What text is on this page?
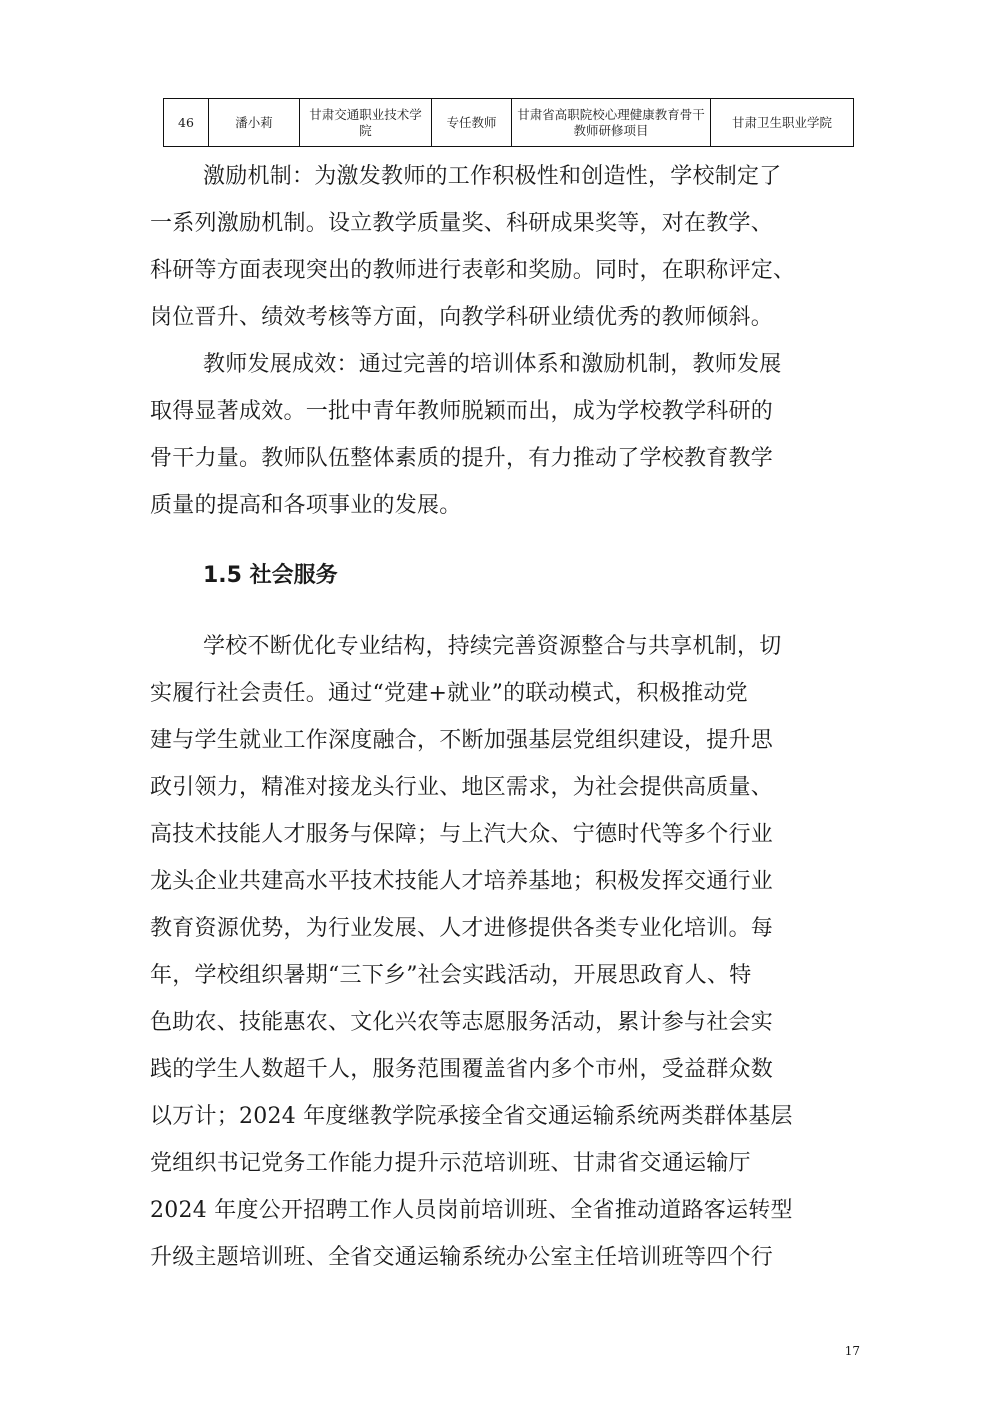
46	潘小莉	甘肃交通职业技术学院	专任教师	甘肃省高职院校心理健康教育骨干教师研修项目	甘肃卫生职业学院
激励机制：为激发教师的工作积极性和创造性，学校制定了
一系列激励机制。设立教学质量奖、科研成果奖等，对在教学、
科研等方面表现突出的教师进行表彰和奖励。同时，在职称评定、
岗位晋升、绩效考核等方面，向教学科研业绩优秀的教师倾斜。
教师发展成效：通过完善的培训体系和激励机制，教师发展
取得显著成效。一批中青年教师脱颖而出，成为学校教学科研的
骨干力量。教师队伍整体素质的提升，有力推动了学校教育教学
质量的提高和各项事业的发展。
1.5 社会服务
学校不断优化专业结构，持续完善资源整合与共享机制，切
实履行社会责任。通过“党建+就业”的联动模式，积极推动党
建与学生就业工作深度融合，不断加强基层党组织建设，提升思
政引领力，精准对接龙头行业、地区需求，为社会提供高质量、
高技术技能人才服务与保障；与上汽大众、宁德时代等多个行业
龙头企业共建高水平技术技能人才培养基地；积极发挥交通行业
教育资源优势，为行业发展、人才进修提供各类专业化培训。每
年，学校组织暑期“三下乡”社会实践活动，开展思政育人、特
色助农、技能惠农、文化兴农等志愿服务活动，累计参与社会实
践的学生人数超千人，服务范围覆盖省内多个市州，受益群众数
以万计；2024 年度继教学院承接全省交通运输系统两类群体基层
党组织书记党务工作能力提升示范培训班、甘肃省交通运输厅
2024 年度公开招聘工作人员岗前培训班、全省推动道路客运转型
升级主题培训班、全省交通运输系统办公室主任培训班等四个行
17
